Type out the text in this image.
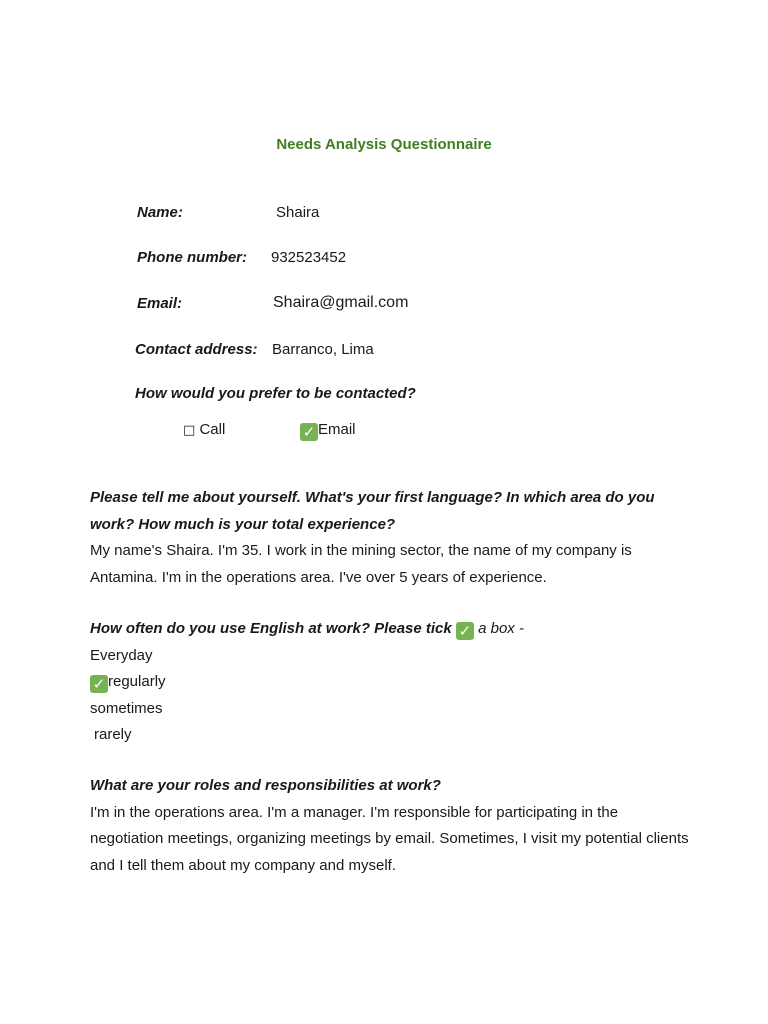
Needs Analysis Questionnaire
Name:	Shaira
Phone number: 932523452
Email:	Shaira@gmail.com
Contact address: Barranco, Lima
How would you prefer to be contacted?
□ Call	✓ Email
Please tell me about yourself. What's your first language? In which area do you work? How much is your total experience?
My name's Shaira. I'm 35. I work in the mining sector, the name of my company is Antamina. I'm in the operations area. I've over 5 years of experience.
How often do you use English at work? Please tick ✓ a box -
Everyday
✓ regularly
sometimes
rarely
What are your roles and responsibilities at work?
I'm in the operations area. I'm a manager. I'm responsible for participating in the negotiation meetings, organizing meetings by email. Sometimes, I visit my potential clients and I tell them about my company and myself.
